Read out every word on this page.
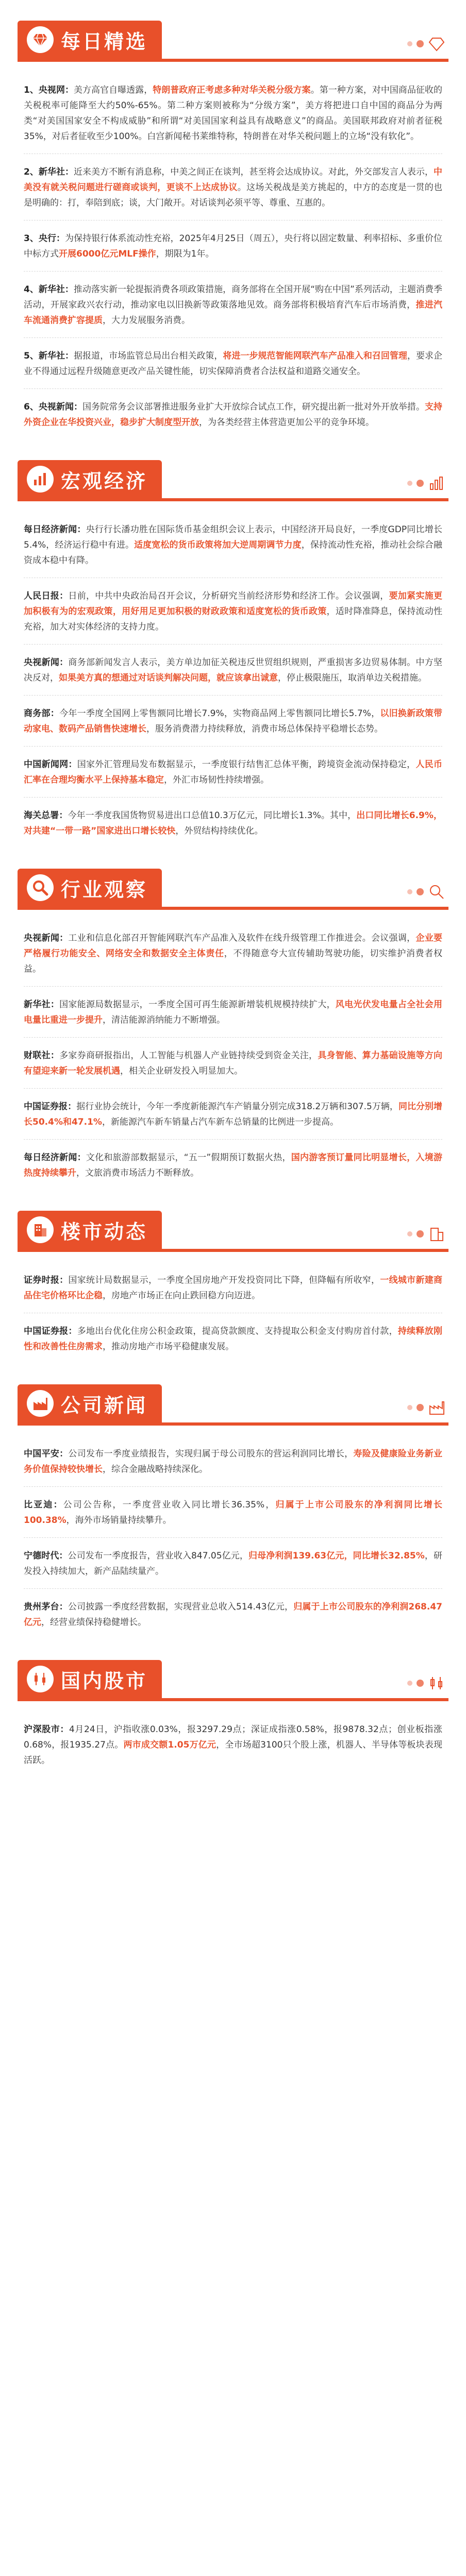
每日精选
1、央视网：美方高官自曝透露，特朗普政府正考虑多种对华关税分级方案。第一种方案，对中国商品征收的关税税率可能降至大约50%-65%。第二种方案则被称为“分级方案”，美方将把进口自中国的商品分为两类“对美国国家安全不构成威胁”和所谓“对美国国家利益具有战略意义”的商品。美国联邦政府对前者征税35%，对后者征收至少100%。白宫新闻秘书莱维特称，特朗普在对华关税问题上的立场“没有软化”。
2、新华社：近来美方不断有消息称，中美之间正在谈判，甚至将会达成协议。对此，外交部发言人表示，中美没有就关税问题进行磋商或谈判，更谈不上达成协议。这场关税战是美方挑起的，中方的态度是一贯的也是明确的：打，奉陪到底；谈，大门敞开。对话谈判必须平等、尊重、互惠的。
3、央行：为保持银行体系流动性充裕，2025年4月25日（周五），央行将以固定数量、利率招标、多重价位中标方式开展6000亿元MLF操作，期限为1年。
4、新华社：推动落实新一轮提振消费各项政策措施，商务部将在全国开展“购在中国”系列活动，主题消费季活动，开展家政兴农行动，推动家电以旧换新等政策落地见效。商务部将积极培育汽车后市场消费，推进汽车流通消费扩容提质，大力发展服务消费。
5、新华社：据报道，市场监管总局出台相关政策，将进一步规范智能网联汽车产品准入和召回管理，要求企业不得通过远程升级随意更改产品关键性能，切实保障消费者合法权益和道路交通安全。
6、央视新闻：国务院常务会议部署推进服务业扩大开放综合试点工作，研究提出新一批对外开放举措。支持外资企业在华投资兴业，稳步扩大制度型开放，为各类经营主体营造更加公平的竞争环境。
宏观经济
每日经济新闻：央行行长潘功胜在国际货币基金组织会议上表示，中国经济开局良好，一季度GDP同比增长5.4%，经济运行稳中有进。适度宽松的货币政策将加大逆周期调节力度，保持流动性充裕，推动社会综合融资成本稳中有降。
人民日报：日前，中共中央政治局召开会议，分析研究当前经济形势和经济工作。会议强调，要加紧实施更加积极有为的宏观政策，用好用足更加积极的财政政策和适度宽松的货币政策，适时降准降息，保持流动性充裕，加大对实体经济的支持力度。
央视新闻：商务部新闻发言人表示，美方单边加征关税违反世贸组织规则，严重损害多边贸易体制。中方坚决反对，如果美方真的想通过对话谈判解决问题，就应该拿出诚意，停止极限施压，取消单边关税措施。
商务部：今年一季度全国网上零售额同比增长7.9%，实物商品网上零售额同比增长5.7%，以旧换新政策带动家电、数码产品销售快速增长，服务消费潜力持续释放，消费市场总体保持平稳增长态势。
中国新闻网：国家外汇管理局发布数据显示，一季度银行结售汇总体平衡，跨境资金流动保持稳定，人民币汇率在合理均衡水平上保持基本稳定，外汇市场韧性持续增强。
海关总署：今年一季度我国货物贸易进出口总值10.3万亿元，同比增长1.3%。其中，出口同比增长6.9%，对共建“一带一路”国家进出口增长较快，外贸结构持续优化。
行业观察
央视新闻：工业和信息化部召开智能网联汽车产品准入及软件在线升级管理工作推进会。会议强调，企业要严格履行功能安全、网络安全和数据安全主体责任，不得随意夸大宣传辅助驾驶功能，切实维护消费者权益。
新华社：国家能源局数据显示，一季度全国可再生能源新增装机规模持续扩大，风电光伏发电量占全社会用电量比重进一步提升，清洁能源消纳能力不断增强。
财联社：多家券商研报指出，人工智能与机器人产业链持续受到资金关注，具身智能、算力基础设施等方向有望迎来新一轮发展机遇，相关企业研发投入明显加大。
中国证券报：据行业协会统计，今年一季度新能源汽车产销量分别完成318.2万辆和307.5万辆，同比分别增长50.4%和47.1%，新能源汽车新车销量占汽车新车总销量的比例进一步提高。
每日经济新闻：文化和旅游部数据显示，“五一”假期预订数据火热，国内游客预订量同比明显增长，入境游热度持续攀升，文旅消费市场活力不断释放。
楼市动态
证券时报：国家统计局数据显示，一季度全国房地产开发投资同比下降，但降幅有所收窄，一线城市新建商品住宅价格环比企稳，房地产市场正在向止跌回稳方向迈进。
中国证券报：多地出台优化住房公积金政策，提高贷款额度、支持提取公积金支付购房首付款，持续释放刚性和改善性住房需求，推动房地产市场平稳健康发展。
公司新闻
中国平安：公司发布一季度业绩报告，实现归属于母公司股东的营运利润同比增长，寿险及健康险业务新业务价值保持较快增长，综合金融战略持续深化。
比亚迪：公司公告称，一季度营业收入同比增长36.35%，归属于上市公司股东的净利润同比增长100.38%，海外市场销量持续攀升。
宁德时代：公司发布一季度报告，营业收入847.05亿元，归母净利润139.63亿元，同比增长32.85%，研发投入持续加大，新产品陆续量产。
贵州茅台：公司披露一季度经营数据，实现营业总收入514.43亿元，归属于上市公司股东的净利润268.47亿元，经营业绩保持稳健增长。
国内股市
沪深股市：4月24日，沪指收涨0.03%，报3297.29点；深证成指涨0.58%，报9878.32点；创业板指涨0.68%，报1935.27点。两市成交额1.05万亿元，全市场超3100只个股上涨，机器人、半导体等板块表现活跃。
